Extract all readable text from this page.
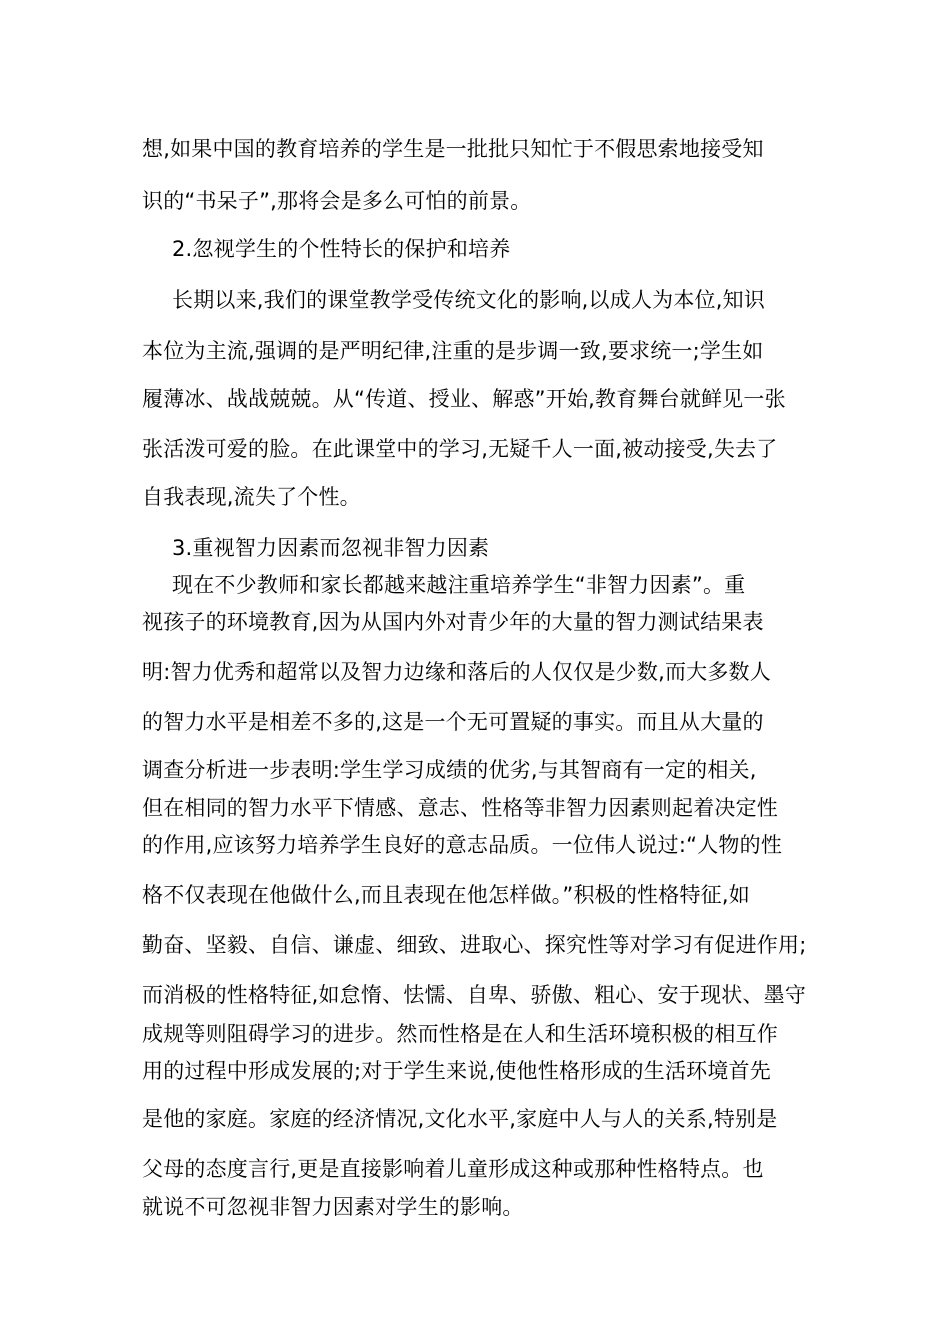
想,如果中国的教育培养的学生是一批批只知忙于不假思索地接受知
识的“书呆子”,那将会是多么可怕的前景。
2.忽视学生的个性特长的保护和培养
长期以来,我们的课堂教学受传统文化的影响,以成人为本位,知识
本位为主流,强调的是严明纪律,注重的是步调一致,要求统一;学生如
履薄冰、战战兢兢。从“传道、授业、解惑”开始,教育舞台就鲜见一张
张活泼可爱的脸。在此课堂中的学习,无疑千人一面,被动接受,失去了
自我表现,流失了个性。
3.重视智力因素而忽视非智力因素
现在不少教师和家长都越来越注重培养学生“非智力因素”。重
视孩子的环境教育,因为从国内外对青少年的大量的智力测试结果表
明:智力优秀和超常以及智力边缘和落后的人仅仅是少数,而大多数人
的智力水平是相差不多的,这是一个无可置疑的事实。而且从大量的
调查分析进一步表明:学生学习成绩的优劣,与其智商有一定的相关,
但在相同的智力水平下情感、意志、性格等非智力因素则起着决定性
的作用,应该努力培养学生良好的意志品质。一位伟人说过:“人物的性
格不仅表现在他做什么,而且表现在他怎样做。”积极的性格特征,如
勤奋、坚毅、自信、谦虚、细致、进取心、探究性等对学习有促进作用;
而消极的性格特征,如怠惰、怯懦、自卑、骄傲、粗心、安于现状、墨守
成规等则阻碍学习的进步。然而性格是在人和生活环境积极的相互作
用的过程中形成发展的;对于学生来说,使他性格形成的生活环境首先
是他的家庭。家庭的经济情况,文化水平,家庭中人与人的关系,特别是
父母的态度言行,更是直接影响着儿童形成这种或那种性格特点。也
就说不可忽视非智力因素对学生的影响。
